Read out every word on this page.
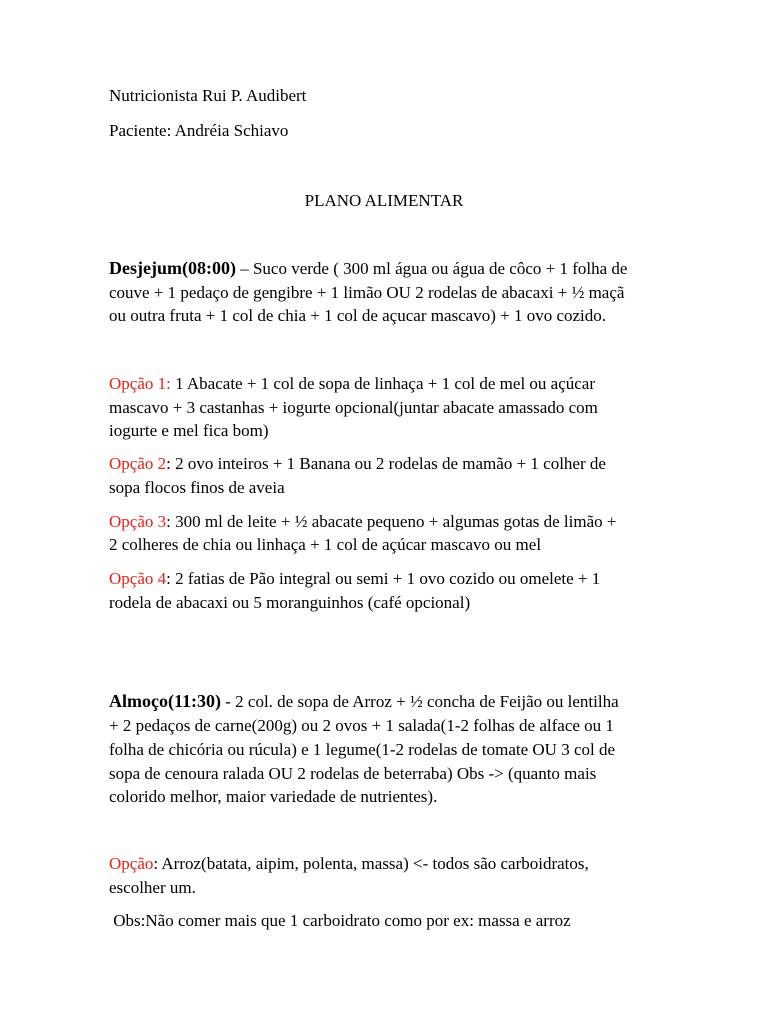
Nutricionista Rui P. Audibert
Paciente: Andréia Schiavo
PLANO ALIMENTAR
Desjejum(08:00) – Suco verde ( 300 ml água ou água de côco + 1 folha de
couve + 1 pedaço de gengibre + 1 limão OU 2 rodelas de abacaxi + ½ maçã
ou outra fruta + 1 col de chia + 1 col de açucar mascavo) + 1 ovo cozido.
Opção 1: 1 Abacate + 1 col de sopa de linhaça + 1 col de mel ou açúcar
mascavo + 3 castanhas + iogurte opcional(juntar abacate amassado com
iogurte e mel fica bom)
Opção 2: 2 ovo inteiros + 1 Banana ou 2 rodelas de mamão + 1 colher de
sopa flocos finos de aveia
Opção 3: 300 ml de leite + ½ abacate pequeno + algumas gotas de limão +
2 colheres de chia ou linhaça + 1 col de açúcar mascavo ou mel
Opção 4: 2 fatias de Pão integral ou semi + 1 ovo cozido ou omelete + 1
rodela de abacaxi ou 5 moranguinhos (café opcional)
Almoço(11:30) - 2 col. de sopa de Arroz + ½ concha de Feijão ou lentilha
+ 2 pedaços de carne(200g) ou 2 ovos + 1 salada(1-2 folhas de alface ou 1
folha de chicória ou rúcula) e 1 legume(1-2 rodelas de tomate OU 3 col de
sopa de cenoura ralada OU 2 rodelas de beterraba) Obs -> (quanto mais
colorido melhor, maior variedade de nutrientes).
Opção: Arroz(batata, aipim, polenta, massa) <- todos são carboidratos,
escolher um.
Obs:Não comer mais que 1 carboidrato como por ex: massa e arroz
